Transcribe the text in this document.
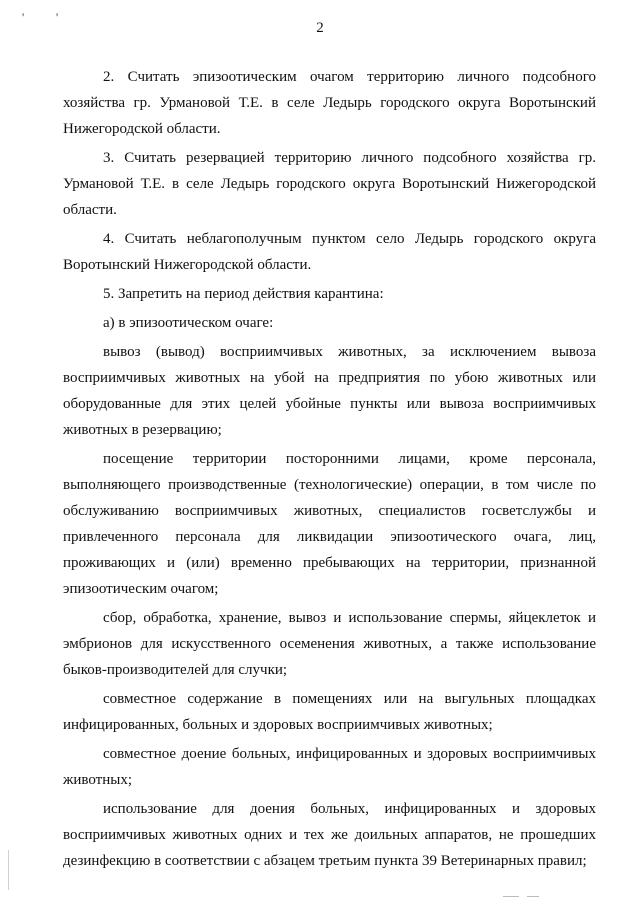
'	'
2

2. Считать эпизоотическим очагом территорию личного подсобного хозяйства гр. Урмановой Т.Е. в селе Ледырь городского округа Воротынский Нижегородской области.

3. Считать резервацией территорию личного подсобного хозяйства гр. Урмановой Т.Е. в селе Ледырь городского округа Воротынский Нижегородской области.

4. Считать неблагополучным пунктом село Ледырь городского округа Воротынский Нижегородской области.

5. Запретить на период действия карантина:

а) в эпизоотическом очаге:

вывоз (вывод) восприимчивых животных, за исключением вывоза восприимчивых животных на убой на предприятия по убою животных или оборудованные для этих целей убойные пункты или вывоза восприимчивых животных в резервацию;

посещение территории посторонними лицами, кроме персонала, выполняющего производственные (технологические) операции, в том числе по обслуживанию восприимчивых животных, специалистов госветслужбы и привлеченного персонала для ликвидации эпизоотического очага, лиц, проживающих и (или) временно пребывающих на территории, признанной эпизоотическим очагом;

сбор, обработка, хранение, вывоз и использование спермы, яйцеклеток и эмбрионов для искусственного осеменения животных, а также использование быков-производителей для случки;

совместное содержание в помещениях или на выгульных площадках инфицированных, больных и здоровых восприимчивых животных;

совместное доение больных, инфицированных и здоровых восприимчивых животных;

использование для доения больных, инфицированных и здоровых восприимчивых животных одних и тех же доильных аппаратов, не прошедших дезинфекцию в соответствии с абзацем третьим пункта 39 Ветеринарных правил;
